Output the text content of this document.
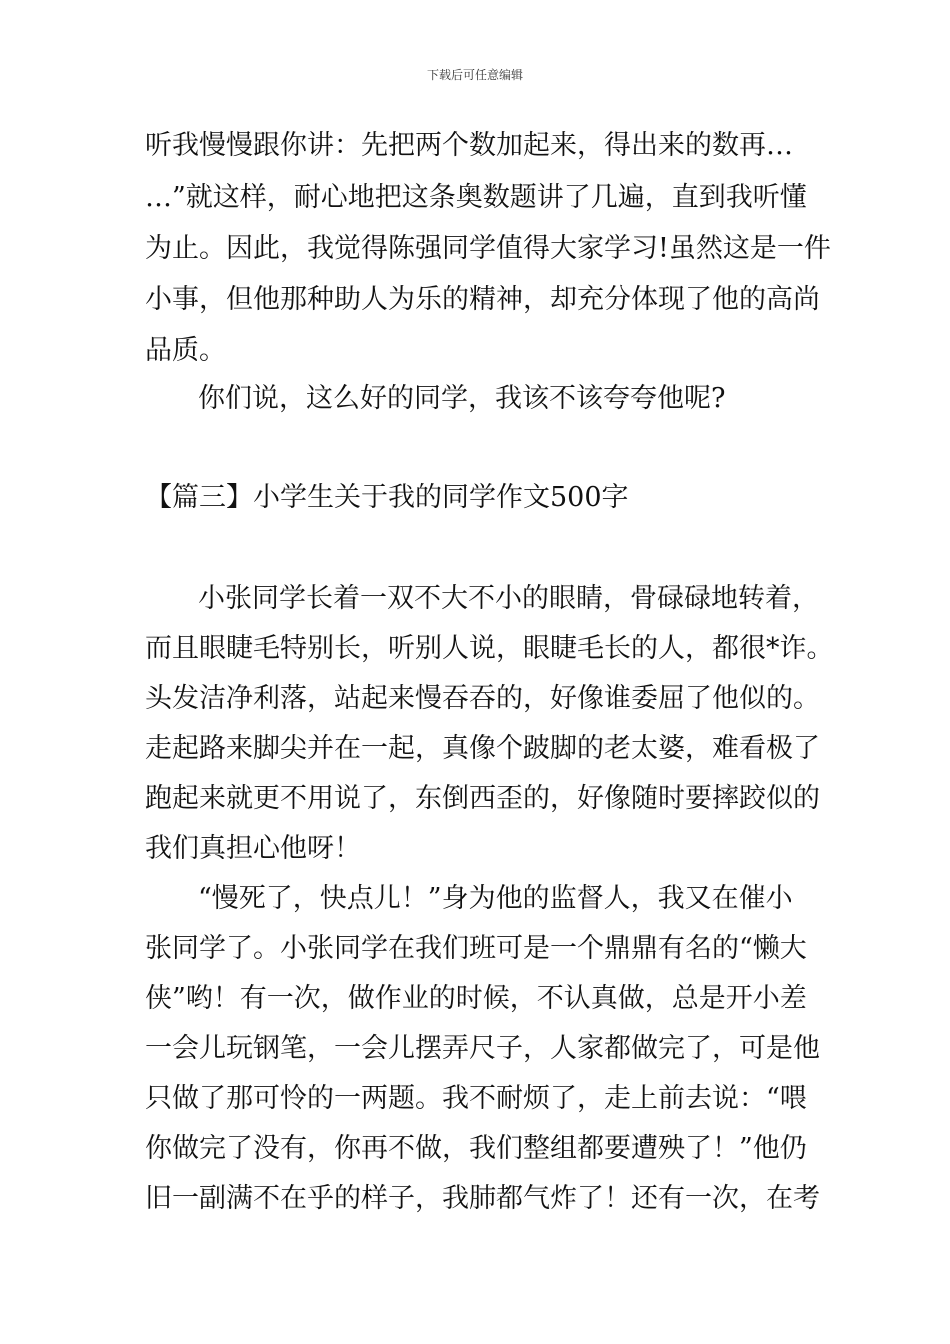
下载后可任意编辑
听我慢慢跟你讲：先把两个数加起来，得出来的数再…
…”就这样，耐心地把这条奥数题讲了几遍，直到我听懂
为止。因此，我觉得陈强同学值得大家学习!虽然这是一件
小事，但他那种助人为乐的精神，却充分体现了他的高尚
品质。
你们说，这么好的同学，我该不该夸夸他呢?
【篇三】小学生关于我的同学作文500字
小张同学长着一双不大不小的眼睛，骨碌碌地转着，
而且眼睫毛特别长，听别人说，眼睫毛长的人，都很*诈。
头发洁净利落，站起来慢吞吞的，好像谁委屈了他似的。
走起路来脚尖并在一起，真像个跛脚的老太婆，难看极了
跑起来就更不用说了，东倒西歪的，好像随时要摔跤似的
我们真担心他呀！
“慢死了，快点儿！”身为他的监督人，我又在催小
张同学了。小张同学在我们班可是一个鼎鼎有名的“懒大
侠”哟！有一次，做作业的时候，不认真做，总是开小差
一会儿玩钢笔，一会儿摆弄尺子，人家都做完了，可是他
只做了那可怜的一两题。我不耐烦了，走上前去说：“喂
你做完了没有，你再不做，我们整组都要遭殃了！”他仍
旧一副满不在乎的样子，我肺都气炸了！还有一次，在考
